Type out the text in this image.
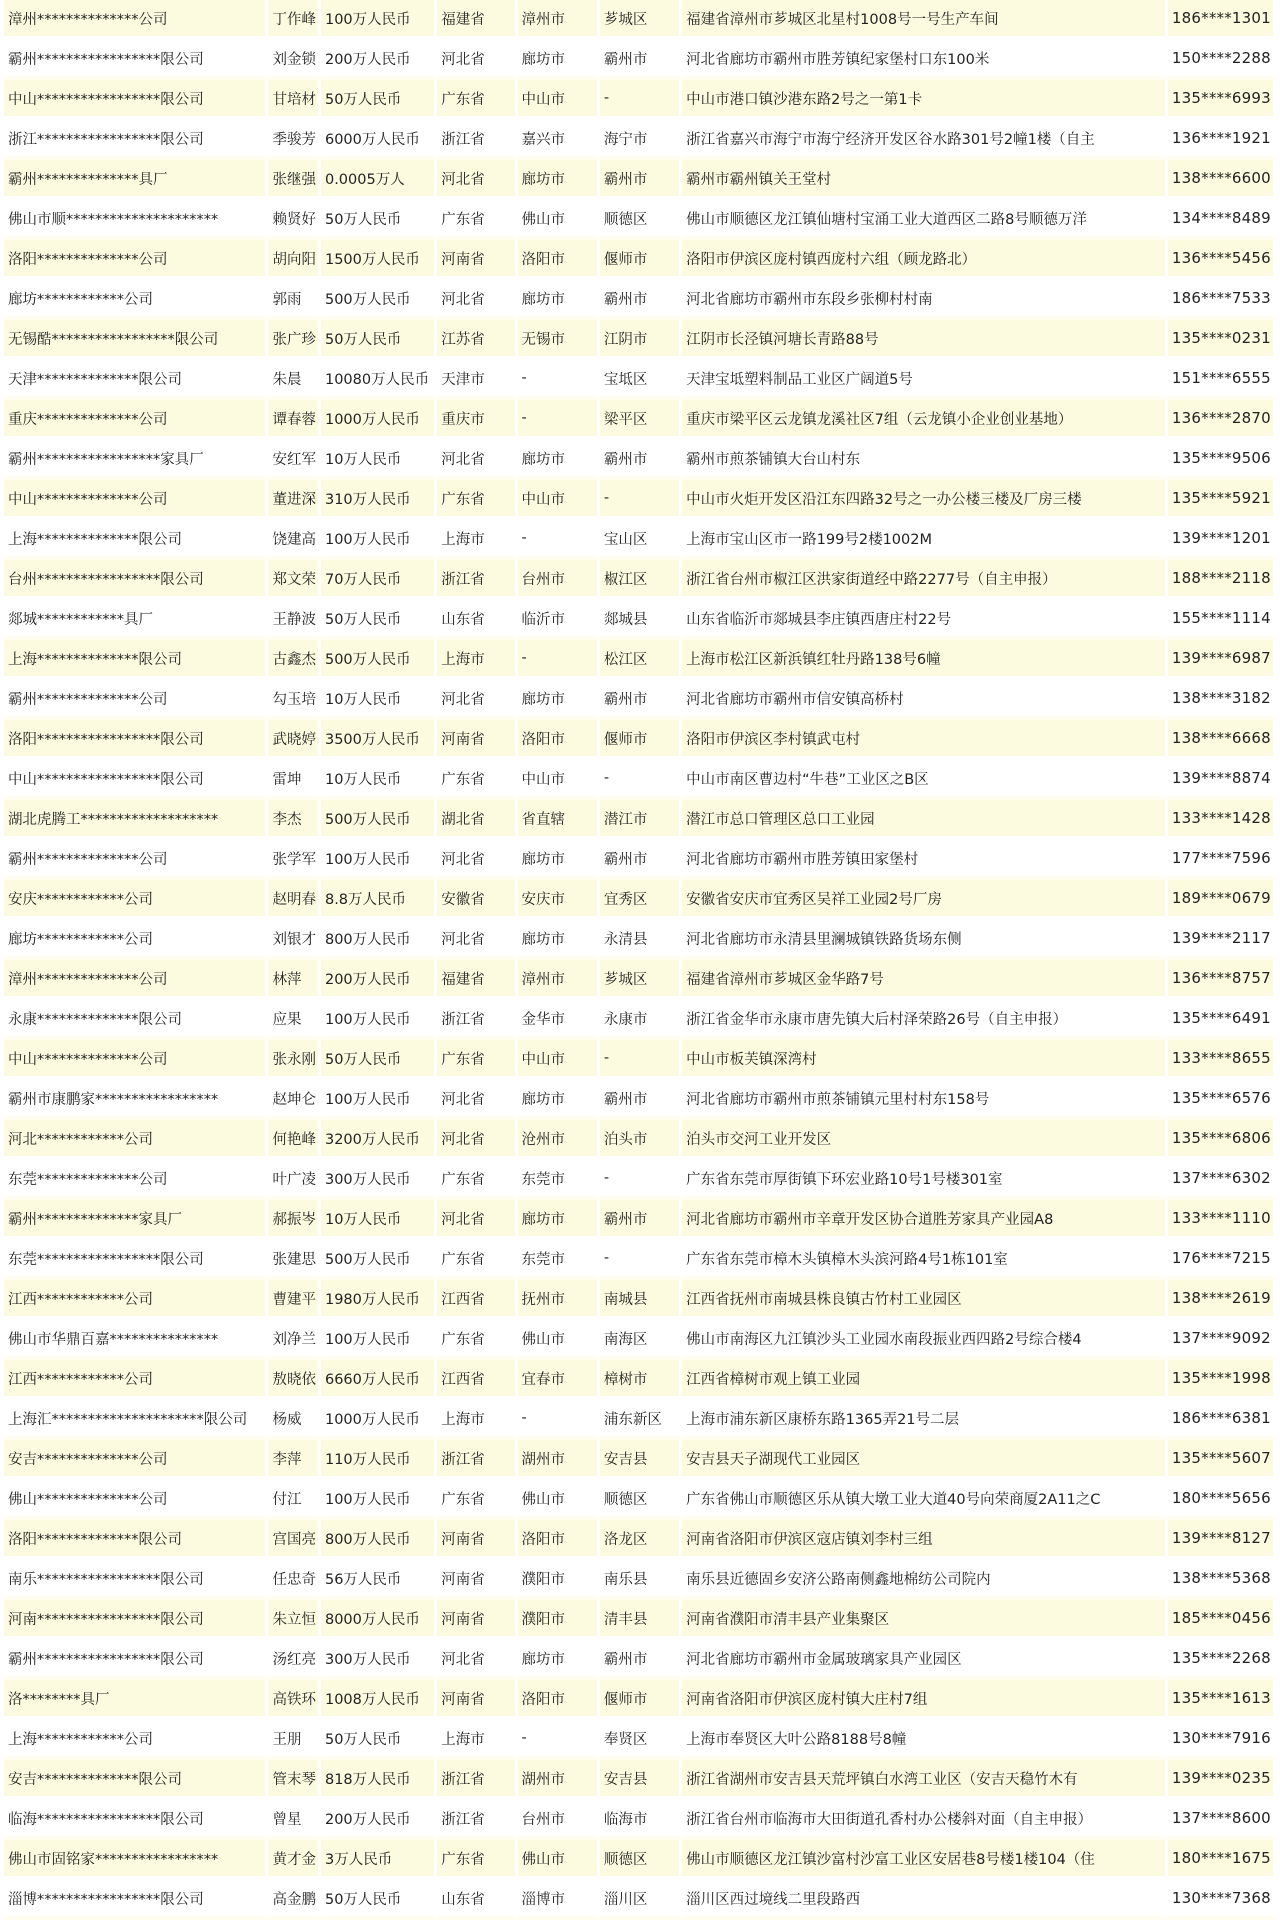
漳州**************公司	丁作峰	100万人民币	福建省	漳州市	芗城区	福建省漳州市芗城区北星村1008号一号生产车间	186****1301
霸州*****************限公司	刘金锁	200万人民币	河北省	廊坊市	霸州市	河北省廊坊市霸州市胜芳镇纪家堡村口东100米	150****2288
中山*****************限公司	甘培材	50万人民币	广东省	中山市	-	中山市港口镇沙港东路2号之一第1卡	135****6993
浙江*****************限公司	季骏芳	6000万人民币	浙江省	嘉兴市	海宁市	浙江省嘉兴市海宁市海宁经济开发区谷水路301号2幢1楼（自主	136****1921
霸州**************具厂	张继强	0.0005万人	河北省	廊坊市	霸州市	霸州市霸州镇关王堂村	138****6600
佛山市顺*********************	赖贤好	50万人民币	广东省	佛山市	顺德区	佛山市顺德区龙江镇仙塘村宝涌工业大道西区二路8号顺德万洋	134****8489
洛阳**************公司	胡向阳	1500万人民币	河南省	洛阳市	偃师市	洛阳市伊滨区庞村镇西庞村六组（顾龙路北）	136****5456
廊坊************公司	郭雨	500万人民币	河北省	廊坊市	霸州市	河北省廊坊市霸州市东段乡张柳村村南	186****7533
无锡酷*****************限公司	张广珍	50万人民币	江苏省	无锡市	江阴市	江阴市长泾镇河塘长青路88号	135****0231
天津**************限公司	朱晨	10080万人民币	天津市	-	宝坻区	天津宝坻塑料制品工业区广阔道5号	151****6555
重庆**************公司	谭春蓉	1000万人民币	重庆市	-	梁平区	重庆市梁平区云龙镇龙溪社区7组（云龙镇小企业创业基地）	136****2870
霸州*****************家具厂	安红军	10万人民币	河北省	廊坊市	霸州市	霸州市煎茶铺镇大台山村东	135****9506
中山**************公司	董进深	310万人民币	广东省	中山市	-	中山市火炬开发区沿江东四路32号之一办公楼三楼及厂房三楼	135****5921
上海**************限公司	饶建高	100万人民币	上海市	-	宝山区	上海市宝山区市一路199号2楼1002M	139****1201
台州*****************限公司	郑文荣	70万人民币	浙江省	台州市	椒江区	浙江省台州市椒江区洪家街道经中路2277号（自主申报）	188****2118
郯城************具厂	王静波	50万人民币	山东省	临沂市	郯城县	山东省临沂市郯城县李庄镇西唐庄村22号	155****1114
上海**************限公司	古鑫杰	500万人民币	上海市	-	松江区	上海市松江区新浜镇红牡丹路138号6幢	139****6987
霸州**************公司	勾玉培	10万人民币	河北省	廊坊市	霸州市	河北省廊坊市霸州市信安镇高桥村	138****3182
洛阳*****************限公司	武晓婷	3500万人民币	河南省	洛阳市	偃师市	洛阳市伊滨区李村镇武屯村	138****6668
中山*****************限公司	雷坤	10万人民币	广东省	中山市	-	中山市南区曹边村“牛巷”工业区之B区	139****8874
湖北虎腾工*******************	李杰	500万人民币	湖北省	省直辖	潜江市	潜江市总口管理区总口工业园	133****1428
霸州**************公司	张学军	100万人民币	河北省	廊坊市	霸州市	河北省廊坊市霸州市胜芳镇田家堡村	177****7596
安庆************公司	赵明春	8.8万人民币	安徽省	安庆市	宜秀区	安徽省安庆市宜秀区吴祥工业园2号厂房	189****0679
廊坊************公司	刘银才	800万人民币	河北省	廊坊市	永清县	河北省廊坊市永清县里澜城镇铁路货场东侧	139****2117
漳州**************公司	林萍	200万人民币	福建省	漳州市	芗城区	福建省漳州市芗城区金华路7号	136****8757
永康**************限公司	应果	100万人民币	浙江省	金华市	永康市	浙江省金华市永康市唐先镇大后村泽荣路26号（自主申报）	135****6491
中山**************公司	张永刚	50万人民币	广东省	中山市	-	中山市板芙镇深湾村	133****8655
霸州市康鹏家*****************	赵坤仑	100万人民币	河北省	廊坊市	霸州市	河北省廊坊市霸州市煎茶铺镇元里村村东158号	135****6576
河北************公司	何艳峰	3200万人民币	河北省	沧州市	泊头市	泊头市交河工业开发区	135****6806
东莞**************公司	叶广凌	300万人民币	广东省	东莞市	-	广东省东莞市厚街镇下环宏业路10号1号楼301室	137****6302
霸州**************家具厂	郝振岑	10万人民币	河北省	廊坊市	霸州市	河北省廊坊市霸州市辛章开发区协合道胜芳家具产业园A8	133****1110
东莞*****************限公司	张建思	500万人民币	广东省	东莞市	-	广东省东莞市樟木头镇樟木头滨河路4号1栋101室	176****7215
江西************公司	曹建平	1980万人民币	江西省	抚州市	南城县	江西省抚州市南城县株良镇古竹村工业园区	138****2619
佛山市华鼎百嘉***************	刘净兰	100万人民币	广东省	佛山市	南海区	佛山市南海区九江镇沙头工业园水南段振业西四路2号综合楼4	137****9092
江西************公司	敖晓依	6660万人民币	江西省	宜春市	樟树市	江西省樟树市观上镇工业园	135****1998
上海汇*********************限公司	杨威	1000万人民币	上海市	-	浦东新区	上海市浦东新区康桥东路1365弄21号二层	186****6381
安吉**************公司	李萍	110万人民币	浙江省	湖州市	安吉县	安吉县天子湖现代工业园区	135****5607
佛山**************公司	付江	100万人民币	广东省	佛山市	顺德区	广东省佛山市顺德区乐从镇大墩工业大道40号向荣商厦2A11之C	180****5656
洛阳**************限公司	宫国亮	800万人民币	河南省	洛阳市	洛龙区	河南省洛阳市伊滨区寇店镇刘李村三组	139****8127
南乐*****************限公司	任忠奇	56万人民币	河南省	濮阳市	南乐县	南乐县近德固乡安济公路南侧鑫地棉纺公司院内	138****5368
河南*****************限公司	朱立恒	8000万人民币	河南省	濮阳市	清丰县	河南省濮阳市清丰县产业集聚区	185****0456
霸州*****************限公司	汤红亮	300万人民币	河北省	廊坊市	霸州市	河北省廊坊市霸州市金属玻璃家具产业园区	135****2268
洛********具厂	高铁环	1008万人民币	河南省	洛阳市	偃师市	河南省洛阳市伊滨区庞村镇大庄村7组	135****1613
上海************公司	王朋	50万人民币	上海市	-	奉贤区	上海市奉贤区大叶公路8188号8幢	130****7916
安吉**************限公司	管末琴	818万人民币	浙江省	湖州市	安吉县	浙江省湖州市安吉县天荒坪镇白水湾工业区（安吉天稳竹木有	139****0235
临海*****************限公司	曾星	200万人民币	浙江省	台州市	临海市	浙江省台州市临海市大田街道孔香村办公楼斜对面（自主申报）	137****8600
佛山市固铭家*****************	黄才金	3万人民币	广东省	佛山市	顺德区	佛山市顺德区龙江镇沙富村沙富工业区安居巷8号楼1楼104（住	180****1675
淄博*****************限公司	高金鹏	50万人民币	山东省	淄博市	淄川区	淄川区西过境线二里段路西	130****7368
